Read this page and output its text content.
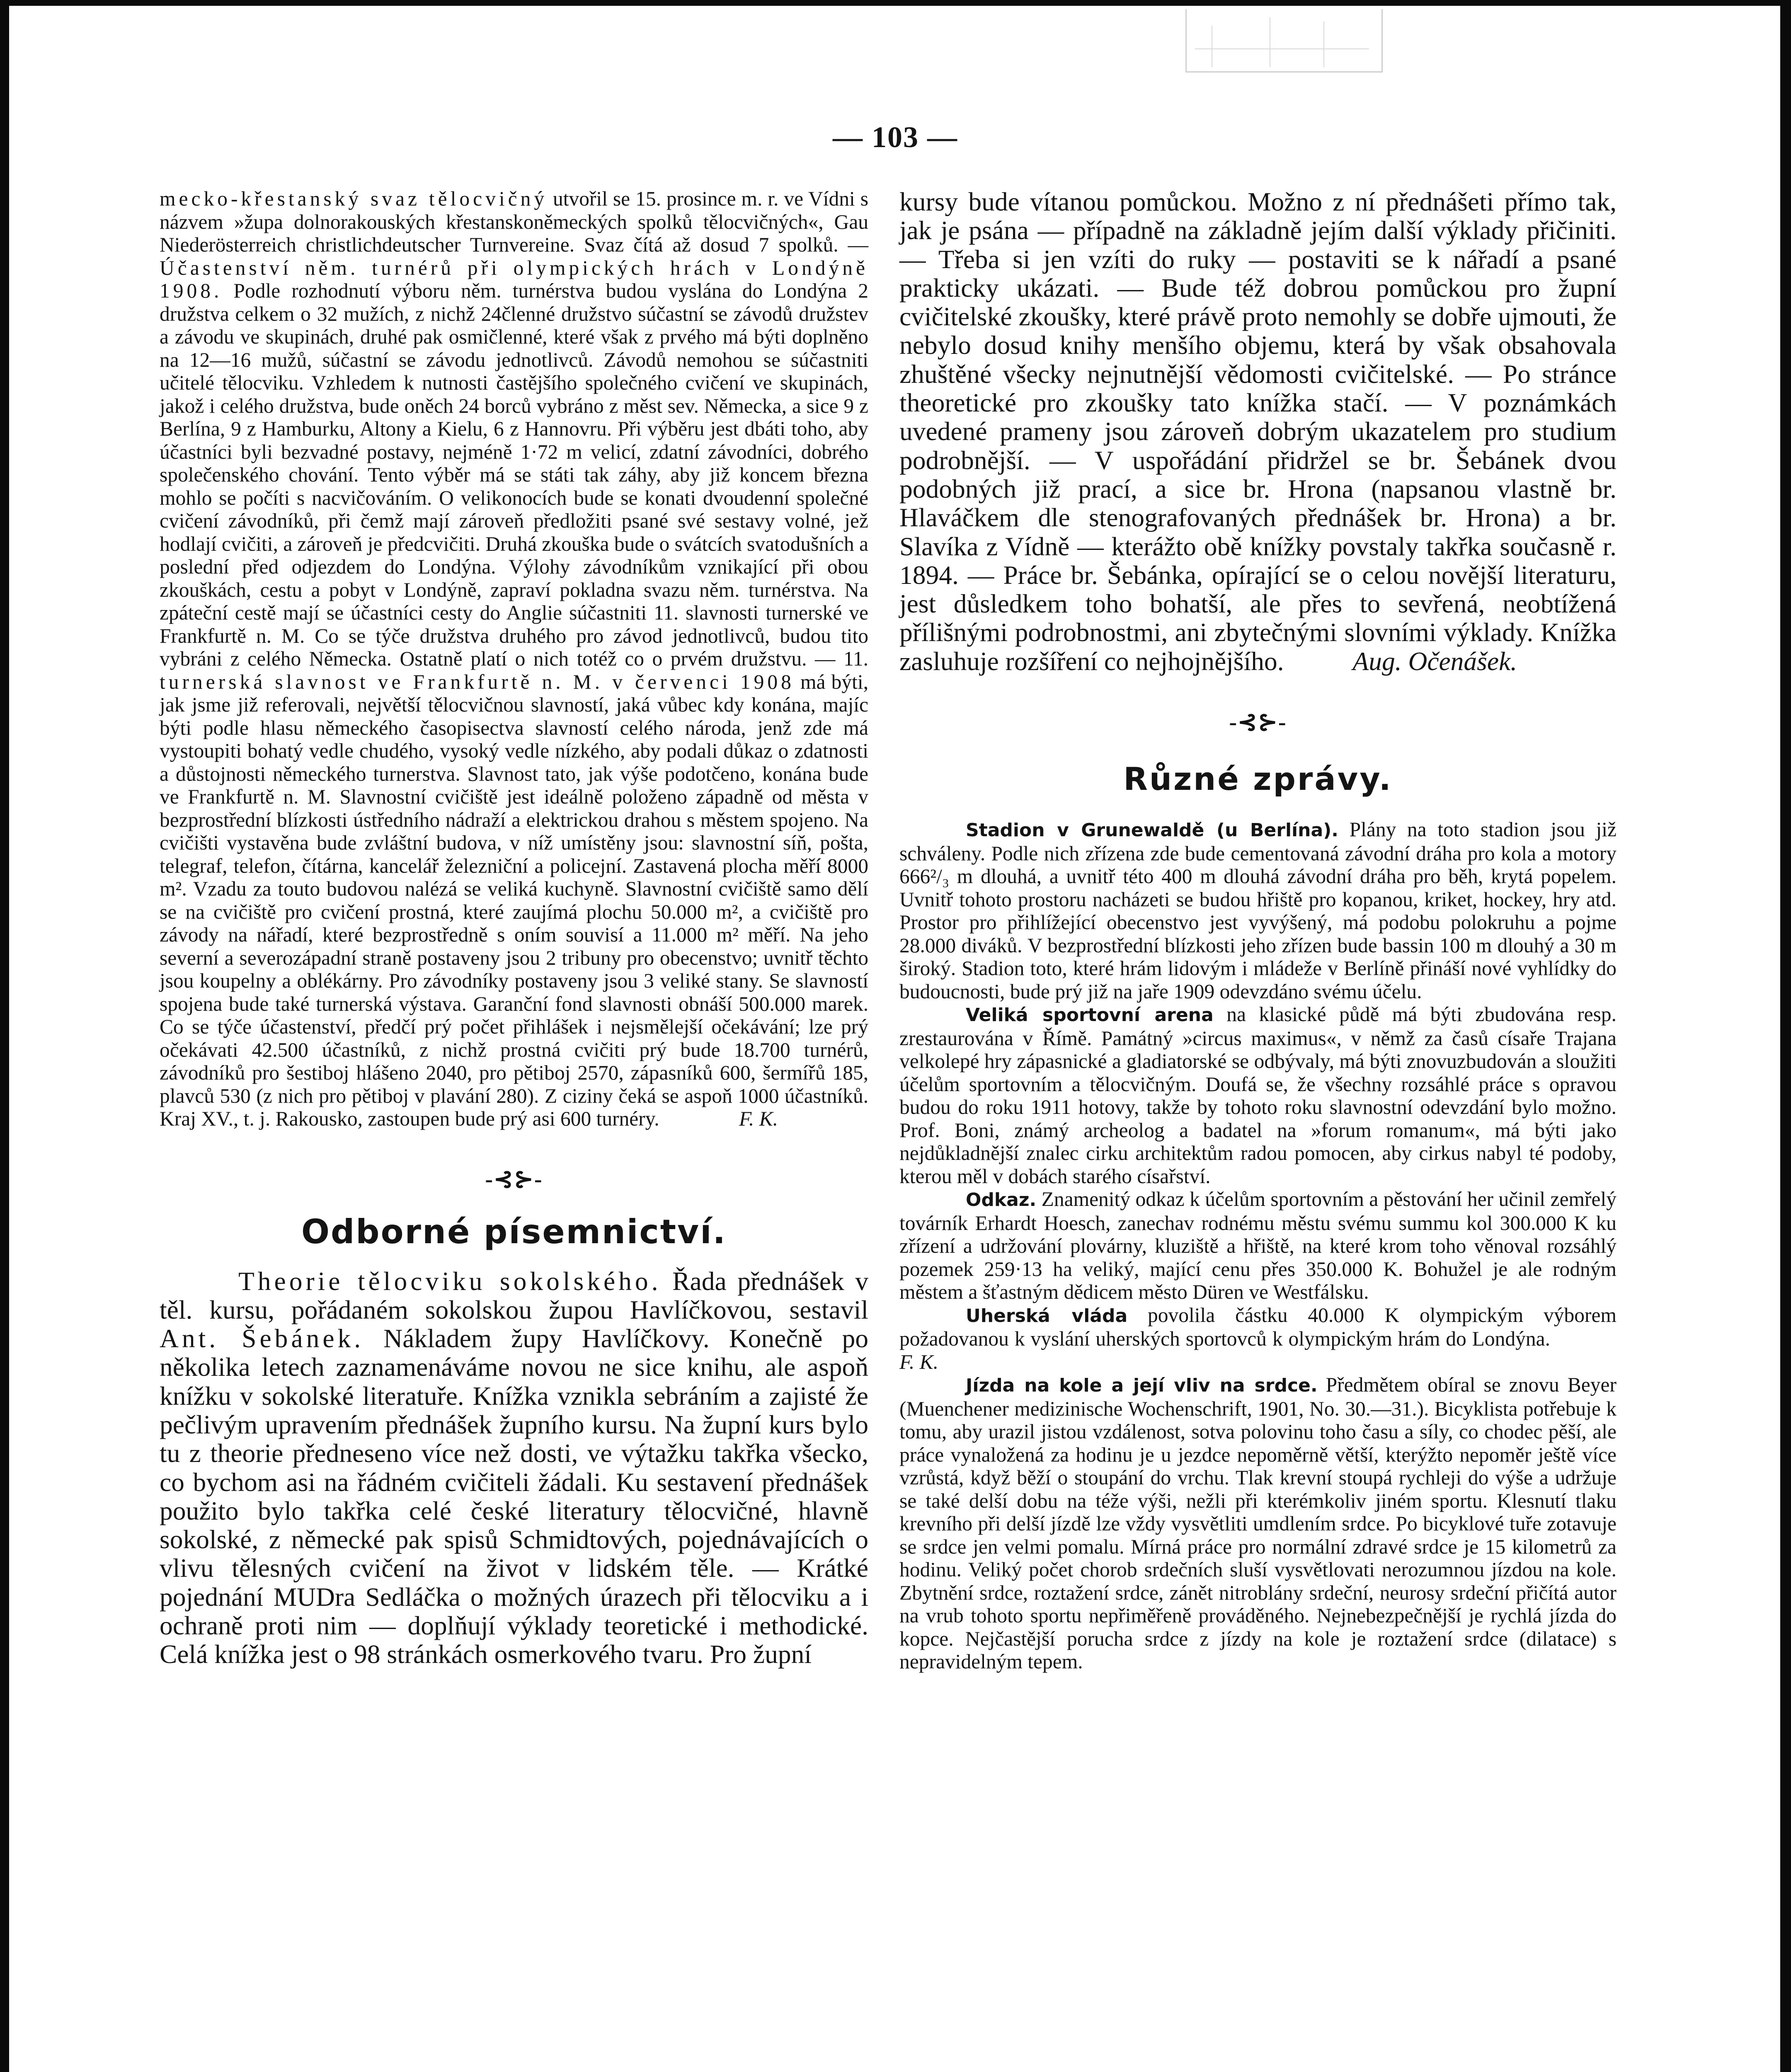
— 103 —

mecko-křestanský svaz tělocvičný utvořil se 15. prosince m. r. ve Vídni s názvem »župa dolnorakouských křestanskoněmeckých spolků tělocvičných«, Gau Niederösterreich christlichdeutscher Turnvereine. Svaz čítá až dosud 7 spolků. — Účastenství něm. turnérů při olympických hrách v Londýně 1908. Podle rozhodnutí výboru něm. turnérstva budou vyslána do Londýna 2 družstva celkem o 32 mužích, z nichž 24členné družstvo súčastní se závodů družstev a závodu ve skupinách, druhé pak osmičlenné, které však z prvého má býti doplněno na 12—16 mužů, súčastní se závodu jednotlivců. Závodů nemohou se súčastniti učitelé tělocviku. Vzhledem k nutnosti častějšího společného cvičení ve skupinách, jakož i celého družstva, bude oněch 24 borců vybráno z měst sev. Německa, a sice 9 z Berlína, 9 z Hamburku, Altony a Kielu, 6 z Hannovru. Při výběru jest dbáti toho, aby účastníci byli bezvadné postavy, nejméně 1·72 m velicí, zdatní závodníci, dobrého společenského chování. Tento výběr má se státi tak záhy, aby již koncem března mohlo se počíti s nacvičováním. O velikonocích bude se konati dvoudenní společné cvičení závodníků, při čemž mají zároveň předložiti psané své sestavy volné, jež hodlají cvičiti, a zároveň je předcvičiti. Druhá zkouška bude o svátcích svatodušních a poslední před odjezdem do Londýna. Výlohy závodníkům vznikající při obou zkouškách, cestu a pobyt v Londýně, zapraví pokladna svazu něm. turnérstva. Na zpáteční cestě mají se účastníci cesty do Anglie súčastniti 11. slavnosti turnerské ve Frankfurtě n. M. Co se týče družstva druhého pro závod jednotlivců, budou tito vybráni z celého Německa. Ostatně platí o nich totéž co o prvém družstvu. — 11. turnerská slavnost ve Frankfurtě n. M. v červenci 1908 má býti, jak jsme již referovali, největší tělocvičnou slavností, jaká vůbec kdy konána, majíc býti podle hlasu německého časopisectva slavností celého národa, jenž zde má vystoupiti bohatý vedle chudého, vysoký vedle nízkého, aby podali důkaz o zdatnosti a důstojnosti německého turnerstva. Slavnost tato, jak výše podotčeno, konána bude ve Frankfurtě n. M. Slavnostní cvičiště jest ideálně položeno západně od města v bezprostřední blízkosti ústředního nádraží a elektrickou drahou s městem spojeno. Na cvičišti vystavěna bude zvláštní budova, v níž umístěny jsou: slavnostní síň, pošta, telegraf, telefon, čítárna, kancelář železniční a policejní. Zastavená plocha měří 8000 m². Vzadu za touto budovou nalézá se veliká kuchyně. Slavnostní cvičiště samo dělí se na cvičiště pro cvičení prostná, které zaujímá plochu 50.000 m², a cvičiště pro závody na nářadí, které bezprostředně s oním souvisí a 11.000 m² měří. Na jeho severní a severozápadní straně postaveny jsou 2 tribuny pro obecenstvo; uvnitř těchto jsou koupelny a oblékárny. Pro závodníky postaveny jsou 3 veliké stany. Se slavností spojena bude také turnerská výstava. Garanční fond slavnosti obnáší 500.000 marek. Co se týče účastenství, předčí prý počet přihlášek i nejsmělejší očekávání; lze prý očekávati 42.500 účastníků, z nichž prostná cvičiti prý bude 18.700 turnérů, závodníků pro šestiboj hlášeno 2040, pro pětiboj 2570, zápasníků 600, šermířů 185, plavců 530 (z nich pro pětiboj v plavání 280). Z ciziny čeká se aspoň 1000 účastníků. Kraj XV., t. j. Rakousko, zastoupen bude prý asi 600 turnéry.	F. K.

-⊰⊱-
Odborné písemnictví.

Theorie tělocviku sokolského. Řada přednášek v těl. kursu, pořádaném sokolskou župou Havlíčkovou, sestavil Ant. Šebánek. Nákladem župy Havlíčkovy. Konečně po několika letech zaznamenáváme novou ne sice knihu, ale aspoň knížku v sokolské literatuře. Knížka vznikla sebráním a zajisté že pečlivým upravením přednášek župního kursu. Na župní kurs bylo tu z theorie předneseno více než dosti, ve výtažku takřka všecko, co bychom asi na řádném cvičiteli žádali. Ku sestavení přednášek použito bylo takřka celé české literatury tělocvičné, hlavně sokolské, z německé pak spisů Schmidtových, pojednávajících o vlivu tělesných cvičení na život v lidském těle. — Krátké pojednání MUDra Sedláčka o možných úrazech při tělocviku a i ochraně proti nim — doplňují výklady teoretické i methodické. Celá knížka jest o 98 stránkách osmerkového tvaru. Pro župní

kursy bude vítanou pomůckou. Možno z ní přednášeti přímo tak, jak je psána — případně na základně jejím další výklady přičiniti. — Třeba si jen vzíti do ruky — postaviti se k nářadí a psané prakticky ukázati. — Bude též dobrou pomůckou pro župní cvičitelské zkoušky, které právě proto nemohly se dobře ujmouti, že nebylo dosud knihy menšího objemu, která by však obsahovala zhuštěné všecky nejnutnější vědomosti cvičitelské. — Po stránce theoretické pro zkoušky tato knížka stačí. — V poznámkách uvedené prameny jsou zároveň dobrým ukazatelem pro studium podrobnější. — V uspořádání přidržel se br. Šebánek dvou podobných již prací, a sice br. Hrona (napsanou vlastně br. Hlaváčkem dle stenografovaných přednášek br. Hrona) a br. Slavíka z Vídně — kterážto obě knížky povstaly takřka současně r. 1894. — Práce br. Šebánka, opírající se o celou novější literaturu, jest důsledkem toho bohatší, ale přes to sevřená, neobtížená přílišnými podrobnostmi, ani zbytečnými slovními výklady. Knížka zasluhuje rozšíření co nejhojnějšího.	Aug. Očenášek.

-⊰⊱-
Různé zprávy.

Stadion v Grunewaldě (u Berlína). Plány na toto stadion jsou již schváleny. Podle nich zřízena zde bude cementovaná závodní dráha pro kola a motory 666²/₃ m dlouhá, a uvnitř této 400 m dlouhá závodní dráha pro běh, krytá popelem. Uvnitř tohoto prostoru nacházeti se budou hřiště pro kopanou, kriket, hockey, hry atd. Prostor pro přihlížející obecenstvo jest vyvýšený, má podobu polokruhu a pojme 28.000 diváků. V bezprostřední blízkosti jeho zřízen bude bassin 100 m dlouhý a 30 m široký. Stadion toto, které hrám lidovým i mládeže v Berlíně přináší nové vyhlídky do budoucnosti, bude prý již na jaře 1909 odevzdáno svému účelu.

Veliká sportovní arena na klasické půdě má býti zbudována resp. zrestaurována v Římě. Památný »circus maximus«, v němž za časů císaře Trajana velkolepé hry zápasnické a gladiatorské se odbývaly, má býti znovuzbudován a sloužiti účelům sportovním a tělocvičným. Doufá se, že všechny rozsáhlé práce s opravou budou do roku 1911 hotovy, takže by tohoto roku slavnostní odevzdání bylo možno. Prof. Boni, známý archeolog a badatel na »forum romanum«, má býti jako nejdůkladnější znalec cirku architektům radou pomocen, aby cirkus nabyl té podoby, kterou měl v dobách starého císařství.

Odkaz. Znamenitý odkaz k účelům sportovním a pěstování her učinil zemřelý továrník Erhardt Hoesch, zanechav rodnému městu svému summu kol 300.000 K ku zřízení a udržování plovárny, kluziště a hřiště, na které krom toho věnoval rozsáhlý pozemek 259·13 ha veliký, mající cenu přes 350.000 K. Bohužel je ale rodným městem a šťastným dědicem město Düren ve Westfálsku.

Uherská vláda povolila částku 40.000 K olympickým výborem požadovanou k vyslání uherských sportovců k olympickým hrám do Londýna.F. K.

Jízda na kole a její vliv na srdce. Předmětem obíral se znovu Beyer (Muenchener medizinische Wochenschrift, 1901, No. 30.—31.). Bicyklista potřebuje k tomu, aby urazil jistou vzdálenost, sotva polovinu toho času a síly, co chodec pěší, ale práce vynaložená za hodinu je u jezdce nepoměrně větší, kterýžto nepoměr ještě více vzrůstá, když běží o stoupání do vrchu. Tlak krevní stoupá rychleji do výše a udržuje se také delší dobu na téže výši, nežli při kterémkoliv jiném sportu. Klesnutí tlaku krevního při delší jízdě lze vždy vysvětliti umdlením srdce. Po bicyklové tuře zotavuje se srdce jen velmi pomalu. Mírná práce pro normální zdravé srdce je 15 kilometrů za hodinu. Veliký počet chorob srdečních sluší vysvětlovati nerozumnou jízdou na kole. Zbytnění srdce, roztažení srdce, zánět nitroblány srdeční, neurosy srdeční přičítá autor na vrub tohoto sportu nepřiměřeně prováděného. Nejnebezpečnější je rychlá jízda do kopce. Nejčastější porucha srdce z jízdy na kole je roztažení srdce (dilatace) s nepravidelným tepem.
